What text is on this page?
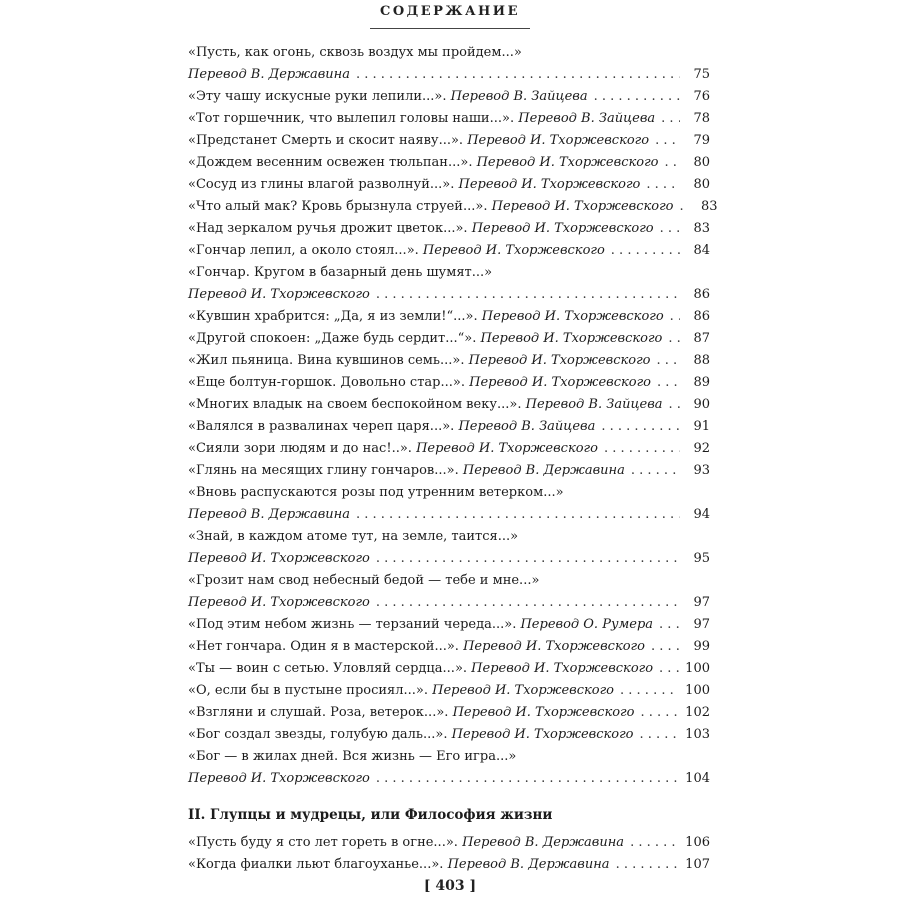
СОДЕРЖАНИЕ
«Пусть, как огонь, сквозь воздух мы пройдем...»
Перевод В. Державина . . .	75
«Эту чашу искусные руки лепили...».
Перевод В. Зайцева . . .	76
«Тот горшечник, что вылепил головы наши...».
Перевод В. Зайцева . . .	78
«Предстанет Смерть и скосит наяву...».
Перевод И. Тхоржевского . . .	79
«Дождем весенним освежен тюльпан...».
Перевод И. Тхоржевского . . .	80
«Сосуд из глины влагой разволнуй...».
Перевод И. Тхоржевского . . .	80
«Что алый мак? Кровь брызнула струей...».
Перевод И. Тхоржевского . . .	83
«Над зеркалом ручья дрожит цветок...».
Перевод И. Тхоржевского . . .	83
«Гончар лепил, а около стоял...».
Перевод И. Тхоржевского . . .	84
«Гончар. Кругом в базарный день шумят...»
Перевод И. Тхоржевского . . .	86
«Кувшин храбрится: „Да, я из земли!“...».
Перевод И. Тхоржевского . . .	86
«Другой спокоен: „Даже будь сердит...“».
Перевод И. Тхоржевского . . .	87
«Жил пьяница. Вина кувшинов семь...».
Перевод И. Тхоржевского . . .	88
«Еще болтун-горшок. Довольно стар...».
Перевод И. Тхоржевского . . .	89
«Многих владык на своем беспокойном веку...».
Перевод В. Зайцева . . .	90
«Валялся в развалинах череп царя...».
Перевод В. Зайцева . . .	91
«Сияли зори людям и до нас!..».
Перевод И. Тхоржевского . . .	92
«Глянь на месящих глину гончаров...».
Перевод В. Державина . . .	93
«Вновь распускаются розы под утренним ветерком...»
Перевод В. Державина . . .	94
«Знай, в каждом атоме тут, на земле, таится...»
Перевод И. Тхоржевского . . .	95
«Грозит нам свод небесный бедой — тебе и мне...»
Перевод И. Тхоржевского . . .	97
«Под этим небом жизнь — терзаний череда...».
Перевод О. Румера . . .	97
«Нет гончара. Один я в мастерской...».
Перевод И. Тхоржевского . . .	99
«Ты — воин с сетью. Уловляй сердца...».
Перевод И. Тхоржевского . . . 100
«О, если бы в пустыне просиял...».
Перевод И. Тхоржевского . . .	100
«Взгляни и слушай. Роза, ветерок...».
Перевод И. Тхоржевского . . .	102
«Бог создал звезды, голубую даль...».
Перевод И. Тхоржевского . . .	103
«Бог — в жилах дней. Вся жизнь — Его игра...»
Перевод И. Тхоржевского . . .	104
II. Глупцы и мудрецы, или Философия жизни
«Пусть буду я сто лет гореть в огне...».
Перевод В. Державина . . .	106
«Когда фиалки льют благоуханье...».
Перевод В. Державина . . .	107
[ 403 ]
